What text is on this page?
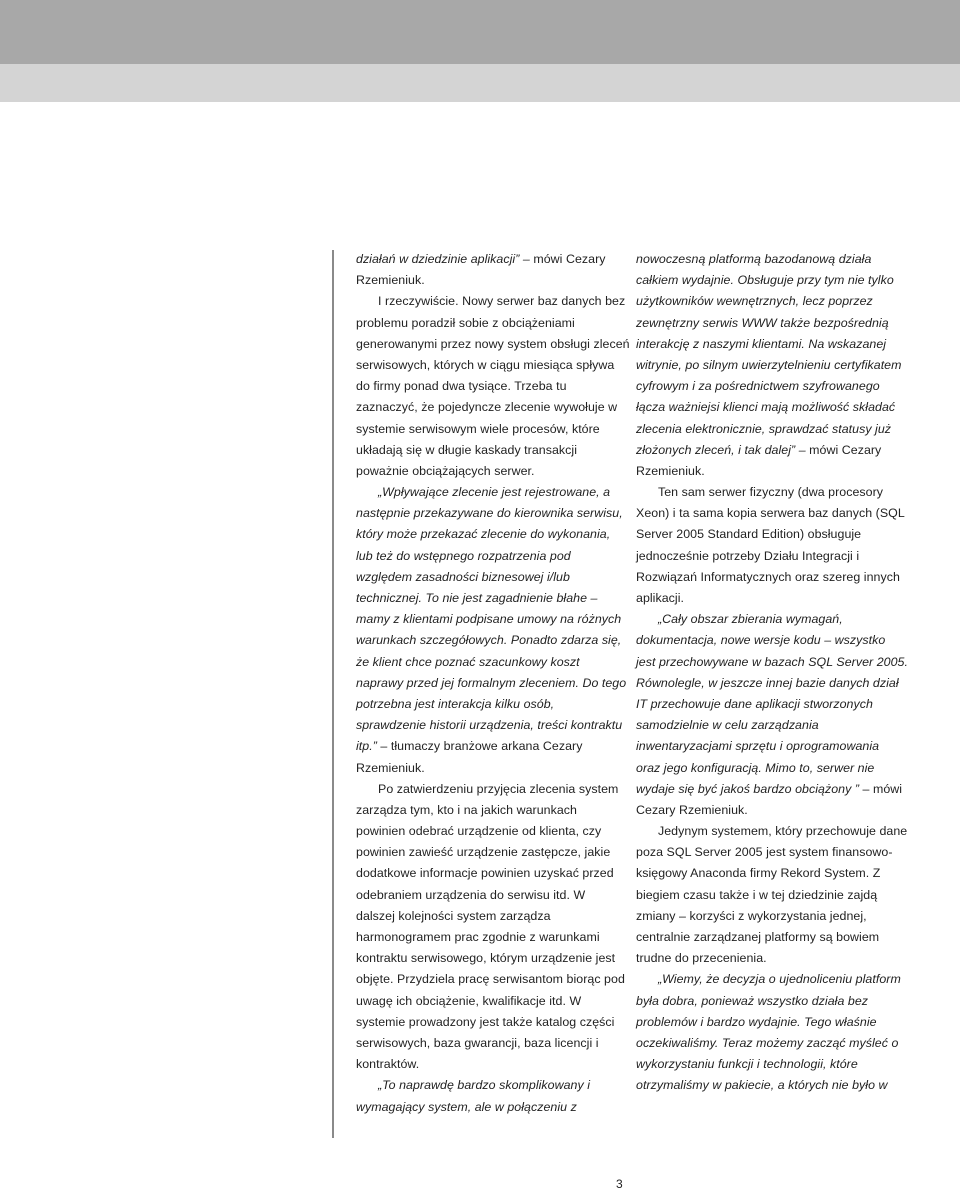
działań w dziedzinie aplikacji” – mówi Cezary
Rzemieniuk.
I rzeczywiście. Nowy serwer baz danych bez
problemu poradził sobie z obciążeniami
generowanymi przez nowy system obsługi zleceń
serwisowych, których w ciągu miesiąca spływa
do firmy ponad dwa tysiące. Trzeba tu
zaznaczyć, że pojedyncze zlecenie wywołuje w
systemie serwisowym wiele procesów, które
układają się w długie kaskady transakcji
poważnie obciążających serwer.
„Wpływające zlecenie jest rejestrowane, a
następnie przekazywane do kierownika serwisu,
który może przekazać zlecenie do wykonania,
lub też do wstępnego rozpatrzenia pod
względem zasadności biznesowej i/lub
technicznej. To nie jest zagadnienie błahe –
mamy z klientami podpisane umowy na różnych
warunkach szczegółowych. Ponadto zdarza się,
że klient chce poznać szacunkowy koszt
naprawy przed jej formalnym zleceniem. Do tego
potrzebna jest interakcja kilku osób,
sprawdzenie historii urządzenia, treści kontraktu
itp.” – tłumaczy branżowe arkana Cezary
Rzemieniuk.
Po zatwierdzeniu przyjęcia zlecenia system
zarządza tym, kto i na jakich warunkach
powinien odebrać urządzenie od klienta, czy
powinien zawieść urządzenie zastępcze, jakie
dodatkowe informacje powinien uzyskać przed
odebraniem urządzenia do serwisu itd. W
dalszej kolejności system zarządza
harmonogramem prac zgodnie z warunkami
kontraktu serwisowego, którym urządzenie jest
objęte. Przydziela pracę serwisantom biorąc pod
uwagę ich obciążenie, kwalifikacje itd. W
systemie prowadzony jest także katalog części
serwisowych, baza gwarancji, baza licencji i
kontraktów.
„To naprawdę bardzo skomplikowany i
wymagający system, ale w połączeniu z
nowoczesną platformą bazodanową działa
całkiem wydajnie. Obsługuje przy tym nie tylko
użytkowników wewnętrznych, lecz poprzez
zewnętrzny serwis WWW także bezpośrednią
interakcję z naszymi klientami. Na wskazanej
witrynie, po silnym uwierzytelnieniu certyfikatem
cyfrowym i za pośrednictwem szyfrowanego
łącza ważniejsi klienci mają możliwość składać
zlecenia elektronicznie, sprawdzać statusy już
złożonych zleceń, i tak dalej” – mówi Cezary
Rzemieniuk.
Ten sam serwer fizyczny (dwa procesory
Xeon) i ta sama kopia serwera baz danych (SQL
Server 2005 Standard Edition) obsługuje
jednocześnie potrzeby Działu Integracji i
Rozwiązań Informatycznych oraz szereg innych
aplikacji.
„Cały obszar zbierania wymagań,
dokumentacja, nowe wersje kodu – wszystko
jest przechowywane w bazach SQL Server 2005.
Równolegle, w jeszcze innej bazie danych dział
IT przechowuje dane aplikacji stworzonych
samodzielnie w celu zarządzania
inwentaryzacjami sprzętu i oprogramowania
oraz jego konfiguracją. Mimo to, serwer nie
wydaje się być jakoś bardzo obciążony ” – mówi
Cezary Rzemieniuk.
Jedynym systemem, który przechowuje dane
poza SQL Server 2005 jest system finansowo-
księgowy Anaconda firmy Rekord System. Z
biegiem czasu także i w tej dziedzinie zajdą
zmiany – korzyści z wykorzystania jednej,
centralnie zarządzanej platformy są bowiem
trudne do przecenienia.
„Wiemy, że decyzja o ujednoliceniu platform
była dobra, ponieważ wszystko działa bez
problemów i bardzo wydajnie. Tego właśnie
oczekiwaliśmy. Teraz możemy zacząć myśleć o
wykorzystaniu funkcji i technologii, które
otrzymaliśmy w pakiecie, a których nie było w
3
